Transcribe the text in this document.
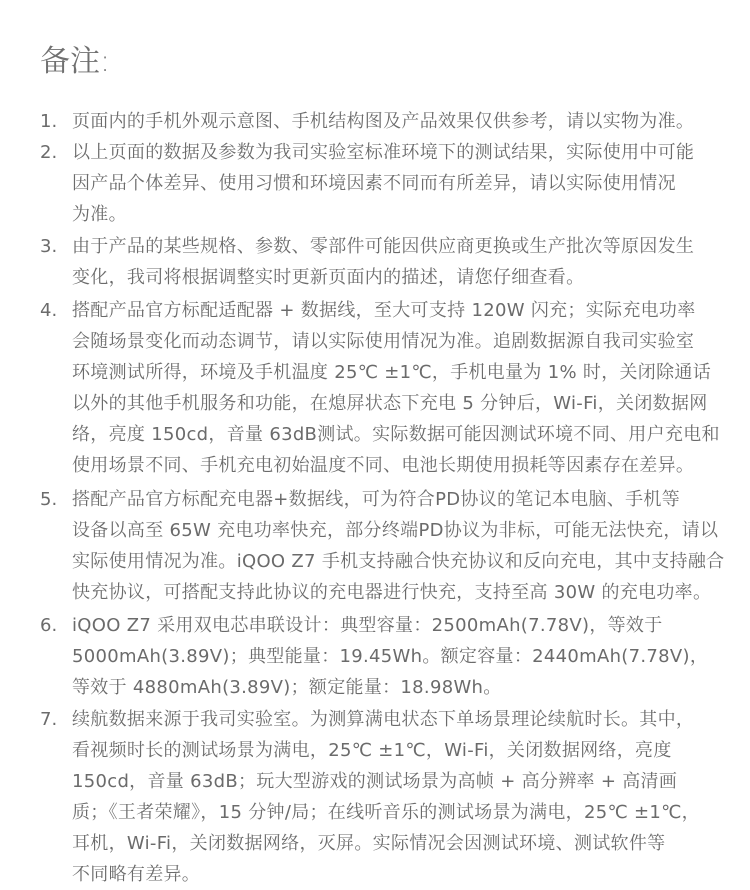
备注:
1. 页面内的手机外观示意图、手机结构图及产品效果仅供参考，请以实物为准。
2. 以上页面的数据及参数为我司实验室标准环境下的测试结果，实际使用中可能
因产品个体差异、使用习惯和环境因素不同而有所差异，请以实际使用情况
为准。
3. 由于产品的某些规格、参数、零部件可能因供应商更换或生产批次等原因发生
变化，我司将根据调整实时更新页面内的描述，请您仔细查看。
4. 搭配产品官方标配适配器 + 数据线，至大可支持 120W 闪充；实际充电功率
会随场景变化而动态调节，请以实际使用情况为准。追剧数据源自我司实验室
环境测试所得，环境及手机温度 25℃ ±1℃，手机电量为 1% 时，关闭除通话
以外的其他手机服务和功能，在熄屏状态下充电 5 分钟后，Wi-Fi，关闭数据网
络，亮度 150cd，音量 63dB测试。实际数据可能因测试环境不同、用户充电和
使用场景不同、手机充电初始温度不同、电池长期使用损耗等因素存在差异。
5. 搭配产品官方标配充电器+数据线，可为符合PD协议的笔记本电脑、手机等
设备以高至 65W 充电功率快充，部分终端PD协议为非标，可能无法快充，请以
实际使用情况为准。iQOO Z7 手机支持融合快充协议和反向充电，其中支持融合
快充协议，可搭配支持此协议的充电器进行快充，支持至高 30W 的充电功率。
6. iQOO Z7 采用双电芯串联设计：典型容量：2500mAh(7.78V)，等效于
5000mAh(3.89V)；典型能量：19.45Wh。额定容量：2440mAh(7.78V)，
等效于 4880mAh(3.89V)；额定能量：18.98Wh。
7. 续航数据来源于我司实验室。为测算满电状态下单场景理论续航时长。其中，
看视频时长的测试场景为满电，25℃ ±1℃，Wi-Fi，关闭数据网络，亮度
150cd，音量 63dB；玩大型游戏的测试场景为高帧 + 高分辨率 + 高清画
质；《王者荣耀》，15 分钟/局；在线听音乐的测试场景为满电，25℃ ±1℃，
耳机，Wi-Fi，关闭数据网络，灭屏。实际情况会因测试环境、测试软件等
不同略有差异。
